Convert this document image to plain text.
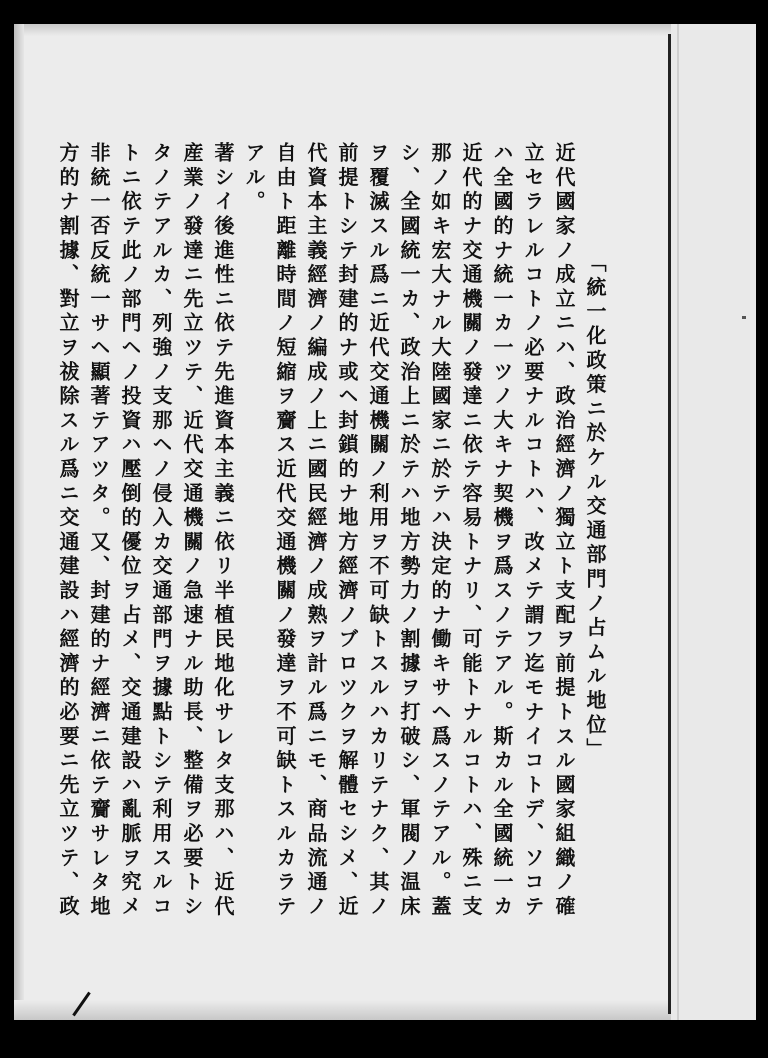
「統一化政策ニ於ケル交通部門ノ占ムル地位」
近代國家ノ成立ニハ、政治經濟ノ獨立ト支配ヲ前提トスル國家組織ノ確
立セラレルコトノ必要ナルコトハ、改メテ謂フ迄モナイコトデ、ソコテ
ハ全國的ナ統一カ一ツノ大キナ契機ヲ爲スノテアル。斯カル全國統一カ
近代的ナ交通機關ノ發達ニ依テ容易トナリ、可能トナルコトハ、殊ニ支
那ノ如キ宏大ナル大陸國家ニ於テハ決定的ナ働キサヘ爲スノテアル。蓋
シ、全國統一カ、政治上ニ於テハ地方勢力ノ割據ヲ打破シ、軍閥ノ温床
ヲ覆滅スル爲ニ近代交通機關ノ利用ヲ不可缺トスルハカリテナク、其ノ
前提トシテ封建的ナ或ヘ封鎖的ナ地方經濟ノブロツクヲ解體セシメ、近
代資本主義經濟ノ編成ノ上ニ國民經濟ノ成熟ヲ計ル爲ニモ、商品流通ノ
自由ト距離時間ノ短縮ヲ齎ス近代交通機關ノ發達ヲ不可缺トスルカラテ
アル。
著シイ後進性ニ依テ先進資本主義ニ依リ半植民地化サレタ支那ハ、近代
産業ノ發達ニ先立ツテ、近代交通機關ノ急速ナル助長、整備ヲ必要トシ
タノテアルカ、列強ノ支那ヘノ侵入カ交通部門ヲ據點トシテ利用スルコ
トニ依テ此ノ部門ヘノ投資ハ壓倒的優位ヲ占メ、交通建設ハ亂脈ヲ究メ
非統一否反統一サヘ顯著テアツタ。又、封建的ナ經濟ニ依テ齎サレタ地
方的ナ割據、對立ヲ祓除スル爲ニ交通建設ハ經濟的必要ニ先立ツテ、政
